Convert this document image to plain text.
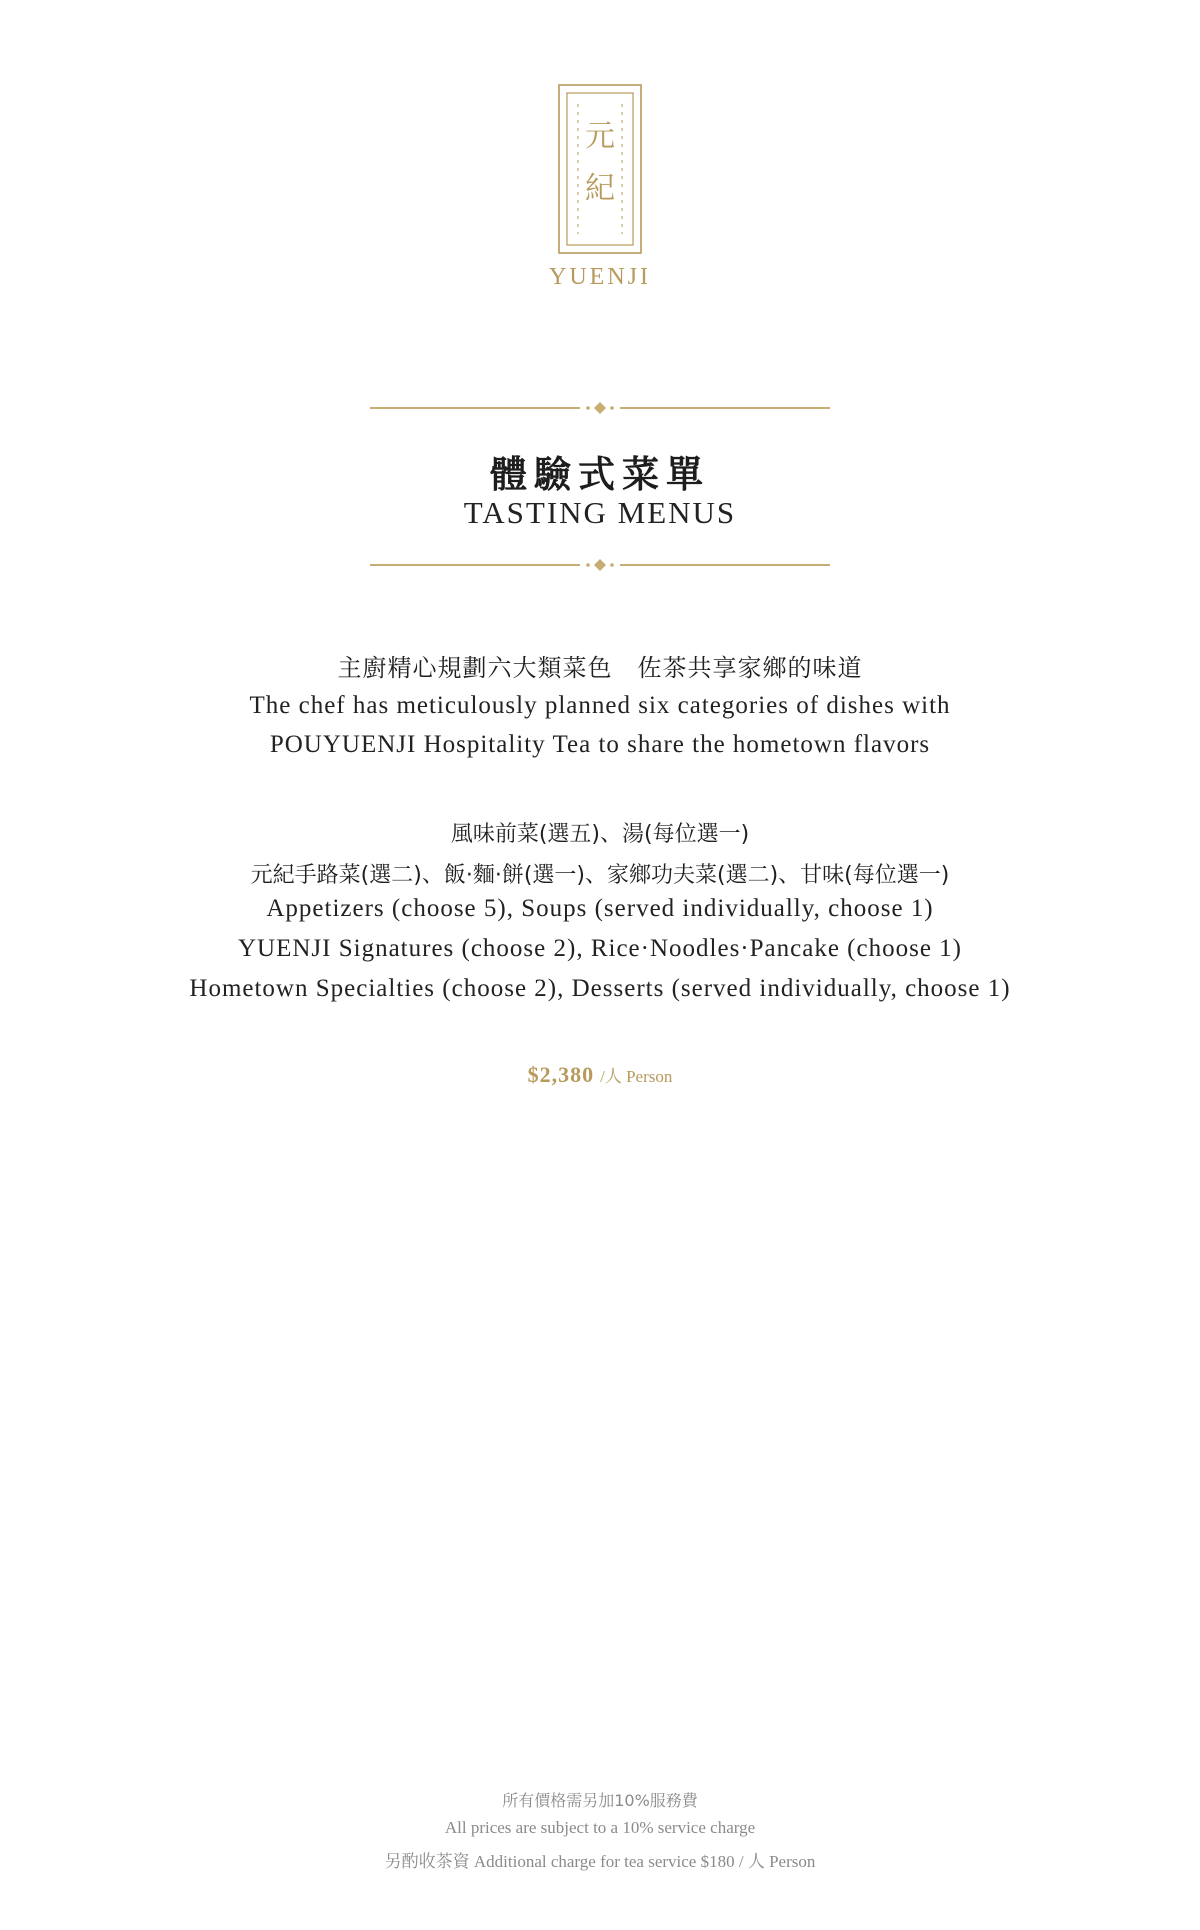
元
紀
YUENJI
體驗式菜單
TASTING MENUS
主廚精心規劃六大類菜色　佐茶共享家鄉的味道
The chef has meticulously planned six categories of dishes with
POUYUENJI Hospitality Tea to share the hometown flavors
風味前菜(選五)、湯(每位選一)
元紀手路菜(選二)、飯·麵·餅(選一)、家鄉功夫菜(選二)、甘味(每位選一)
Appetizers (choose 5), Soups (served individually, choose 1)
YUENJI Signatures (choose 2), Rice·Noodles·Pancake (choose 1)
Hometown Specialties (choose 2), Desserts (served individually, choose 1)
$2,380 /人 Person
所有價格需另加10%服務費
All prices are subject to a 10% service charge
另酌收茶資 Additional charge for tea service $180 / 人 Person
